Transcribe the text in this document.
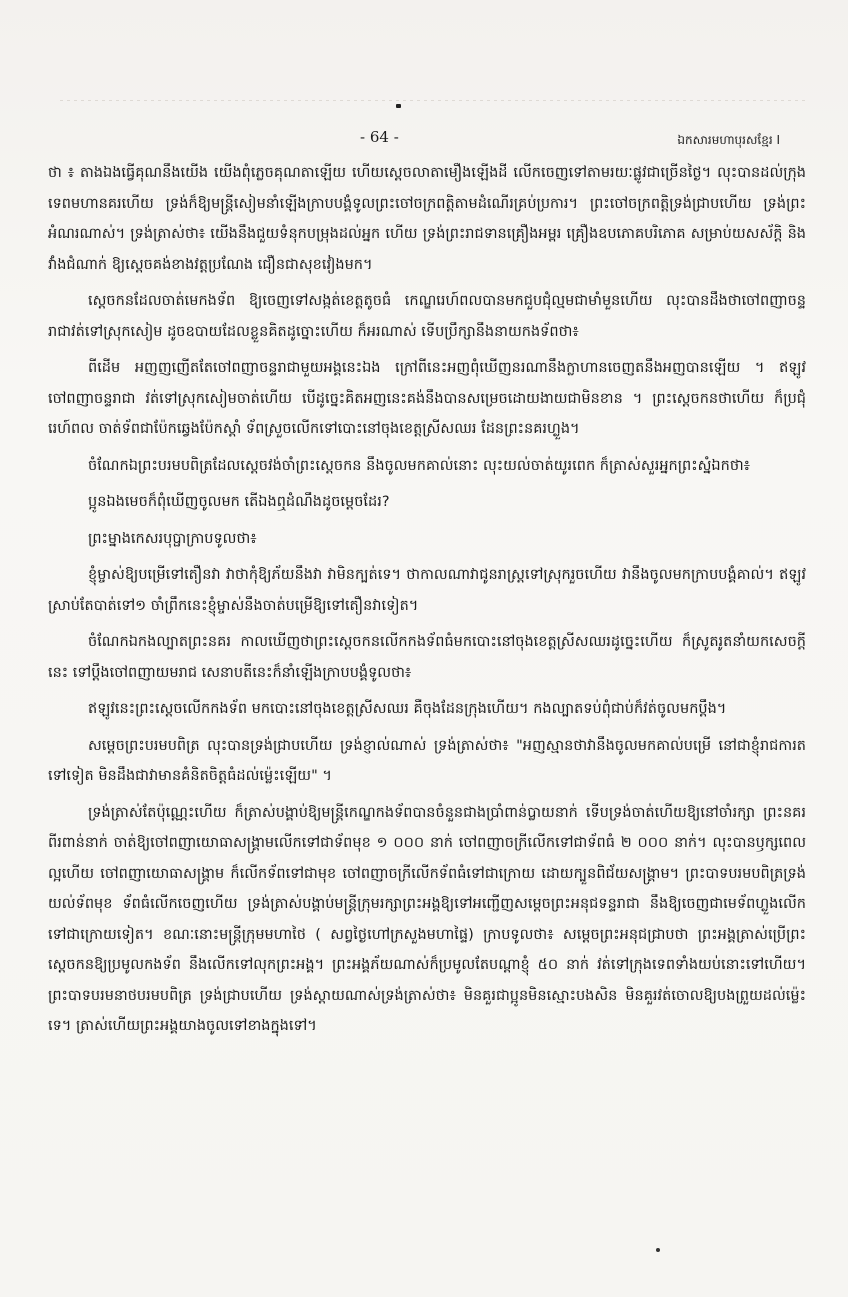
- 64 -	ឯកសារមហាបុរសខ្មែរ I

ថា ៖ តាងឯងធ្វើគុណនឹងយើង យើងពុំភ្លេចគុណតាឡើយ ហើយស្ដេចលាតាមឿងឡើងដី លើកចេញទៅតាមរយៈផ្លូវជាច្រើនថ្ងៃ។ លុះបានដល់ក្រុងទេពមហានគរហើយ ទ្រង់ក៏ឱ្យមន្ត្រីសៀមនាំឡើងក្រាបបង្គំទូលព្រះចៅចក្រពត្តិតាមដំណើរគ្រប់ប្រការ។ ព្រះចៅចក្រពត្តិទ្រង់ជ្រាបហើយ ទ្រង់ព្រះអំណរណាស់។ ទ្រង់ត្រាស់ថា៖ យើងនឹងជួយទំនុកបម្រុងដល់អ្នក ហើយ ទ្រង់ព្រះរាជទានគ្រឿងអម្ពរ គ្រឿងឧបភោគបរិភោគ សម្រាប់យសស័ក្តិ និងវាំងជំណាក់ ឱ្យស្ដេចគង់ខាងវត្តប្រណែង ជឿនជាសុខវៀងមក។

ស្ដេចកនដែលចាត់មេកងទ័ព ឱ្យចេញទៅសង្កត់ខេត្តតូចធំ កេណ្ឌរេហ៍ពលបានមកជួបជុំល្មមជាមាំមួនហើយ លុះបានដឹងថាចៅពញាចន្ទរាជាវត់ទៅស្រុកសៀម ដូចឧបាយដែលខ្លួនគិតដូច្នោះហើយ ក៏អរណាស់ ទើបប្រឹក្សានឹងនាយកងទ័ពថា៖

ពីដើម អញញញើតតែចៅពញាចន្ទរាជាមួយអង្គនេះឯង ក្រៅពីនេះអញពុំឃើញនរណានឹងក្លាហានចេញតនឹងអញបានឡើយ ។ ឥឡូវចៅពញាចន្ទរាជា វត់ទៅស្រុកសៀមចាត់ហើយ បើដូច្នេះគិតអញនេះគង់នឹងបានសម្រេចដោយងាយជាមិនខាន ។ ព្រះស្ដេចកនថាហើយ ក៏ប្រជុំរេហ៍ពល ចាត់ទ័ពជាប៉ែកឆ្វេងប៉ែកស្ដាំ ទ័ពស្រួចលើកទៅបោះនៅចុងខេត្តស្រីសឈរ ដែនព្រះនគរហ្លួង។

ចំណែកឯព្រះបរមបពិត្រដែលស្ដេចវង់ចាំព្រះស្ដេចកន នឹងចូលមកគាល់នោះ លុះយល់ចាត់យូរពេក ក៏ត្រាស់សួរអ្នកព្រះស្នំឯកថា៖

ប្អូនឯងមេចក៏ពុំឃើញចូលមក តើឯងឮដំណឹងដូចម្ដេចដែរ?

ព្រះម្នាងកេសរបុប្ផាក្រាបទូលថា៖

ខ្ញុំម្ចាស់ឱ្យបម្រើទៅតឿនវា វាថាកុំឱ្យភ័យនឹងវា វាមិនក្បត់ទេ។ ថាកាលណាវាជូនរាស្ដ្រទៅស្រុករួចហើយ វានឹងចូលមកក្រាបបង្គំគាល់។ ឥឡូវស្រាប់តែបាត់ទៅ១ ចាំព្រឹកនេះខ្ញុំម្ចាស់នឹងចាត់បម្រើឱ្យទៅតឿនវាទៀត។

ចំណែកឯកងល្បាតព្រះនគរ កាលឃើញថាព្រះស្ដេចកនលើកកងទ័ពធំមកបោះនៅចុងខេត្តស្រីសឈរដូច្នេះហើយ ក៏ស្រូតរូតនាំយកសេចក្ដីនេះ ទៅប្ដឹងចៅពញាយមរាជ សេនាបតីនេះក៏នាំឡើងក្រាបបង្គំទូលថា៖

ឥឡូវនេះព្រះស្ដេចលើកកងទ័ព មកបោះនៅចុងខេត្តស្រីសឈរ គឺចុងដែនក្រុងហើយ។ កងល្បាតទប់ពុំជាប់ក៏វត់ចូលមកប្ដឹង។

សម្ដេចព្រះបរមបពិត្រ លុះបានទ្រង់ជ្រាបហើយ ទ្រង់ខ្ញាល់ណាស់ ទ្រង់ត្រាស់ថា៖ "អញស្មានថាវានឹងចូលមកគាល់បម្រើ នៅជាខ្ញុំរាជការតទៅទៀត មិនដឹងជាវាមានគំនិតចិត្តធំដល់ម្ល៉េះឡើយ" ។

ទ្រង់ត្រាស់តែប៉ុណ្ណេះហើយ ក៏ត្រាស់បង្គាប់ឱ្យមន្ត្រីកេណ្ឌកងទ័ពបានចំនួនជាងប្រាំពាន់ប្លាយនាក់ ទើបទ្រង់ចាត់ហើយឱ្យនៅចាំរក្សា ព្រះនគរពីរពាន់នាក់ ចាត់ឱ្យចៅពញាយោធាសង្គ្រាមលើកទៅជាទ័ពមុខ ១ ០០០ នាក់ ចៅពញាចក្រីលើកទៅជាទ័ពធំ ២ ០០០ នាក់។ លុះបានឫក្សពេលល្អហើយ ចៅពញាយោធាសង្គ្រាម ក៏លើកទ័ពទៅជាមុខ ចៅពញាចក្រីលើកទ័ពធំទៅជាក្រោយ ដោយក្បួនពិជ័យសង្គ្រាម។ ព្រះបាទបរមបពិត្រទ្រង់យល់ទ័ពមុខ ទ័ពធំលើកចេញហើយ ទ្រង់ត្រាស់បង្គាប់មន្ត្រីក្រុមរក្សាព្រះអង្គឱ្យទៅអញ្ជើញសម្ដេចព្រះអនុជទន្ទរាជា នឹងឱ្យចេញជាមេទ័ពហ្លួងលើកទៅជាក្រោយទៀត។ ខណៈនោះមន្ត្រីក្រុមមហាថៃ ( សព្វថ្ងៃហៅក្រសួងមហាផ្ទៃ) ក្រាបទូលថា៖ សម្ដេចព្រះអនុជជ្រាបថា ព្រះអង្គត្រាស់ប្រើព្រះស្ដេចកនឱ្យប្រមូលកងទ័ព នឹងលើកទៅលុកព្រះអង្គ។ ព្រះអង្គភ័យណាស់ក៏ប្រមូលតែបណ្ដាខ្ញុំ ៥០ នាក់ វត់ទៅក្រុងទេពទាំងយប់នោះទៅហើយ។ ព្រះបាទបរមនាថបរមបពិត្រ ទ្រង់ជ្រាបហើយ ទ្រង់ស្ដាយណាស់ទ្រង់ត្រាស់ថា៖ មិនគួរជាប្អូនមិនស្មោះបងសិន មិនគួរវត់ចោលឱ្យបងព្រួយដល់ម្ល៉េះទេ។ ត្រាស់ហើយព្រះអង្គយាងចូលទៅខាងក្នុងទៅ។
